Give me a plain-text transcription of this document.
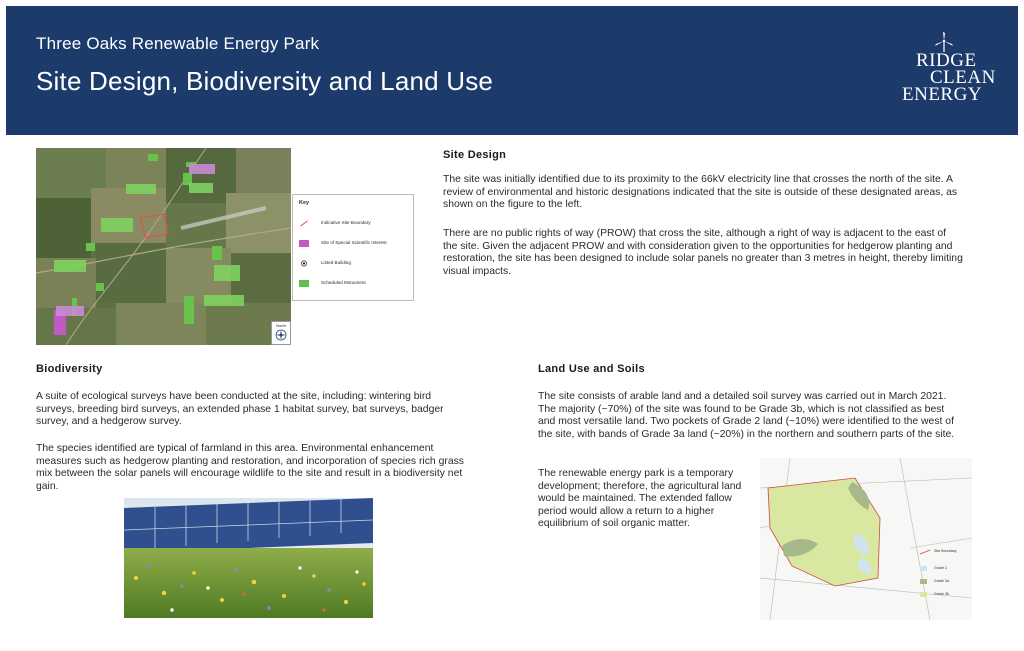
Three Oaks Renewable Energy Park
Site Design, Biodiversity and Land Use
RIDGE
CLEAN
ENERGY
North
Key
Indicative Site Boundary
Site of Special Scientific Interest
Listed Building
Scheduled Monument
Site Design

The site was initially identified due to its proximity to the 66kV electricity line that crosses the north of the site. A review of environmental and historic designations indicated that the site is outside of these designated areas, as shown on the figure to the left.

There are no public rights of way (PROW) that cross the site, although a right of way is adjacent to the east of the site. Given the adjacent PROW and with consideration given to the opportunities for hedgerow planting and restoration, the site has been designed to include solar panels no greater than 3 metres in height, thereby limiting visual impacts.

Biodiversity

A suite of ecological surveys have been conducted at the site, including: wintering bird surveys, breeding bird surveys, an extended phase 1 habitat survey, bat surveys, badger survey, and a hedgerow survey.

The species identified are typical of farmland in this area. Environmental enhancement measures such as hedgerow planting and restoration, and incorporation of species rich grass mix between the solar panels will encourage wildlife to the site and result in a biodiversity net gain.

Land Use and Soils

The site consists of arable land and a detailed soil survey was carried out in March 2021. The majority (~70%) of the site was found to be Grade 3b, which is not classified as best and most versatile land. Two pockets of Grade 2 land (~10%) were identified to the west of the site, with bands of Grade 3a land (~20%) in the northern and southern parts of the site.

The renewable energy park is a temporary development; therefore, the agricultural land would be maintained. The extended fallow period would allow a return to a higher equilibrium of soil organic matter.

Site Boundary
Grade 2
Grade 3a
Grade 3b
